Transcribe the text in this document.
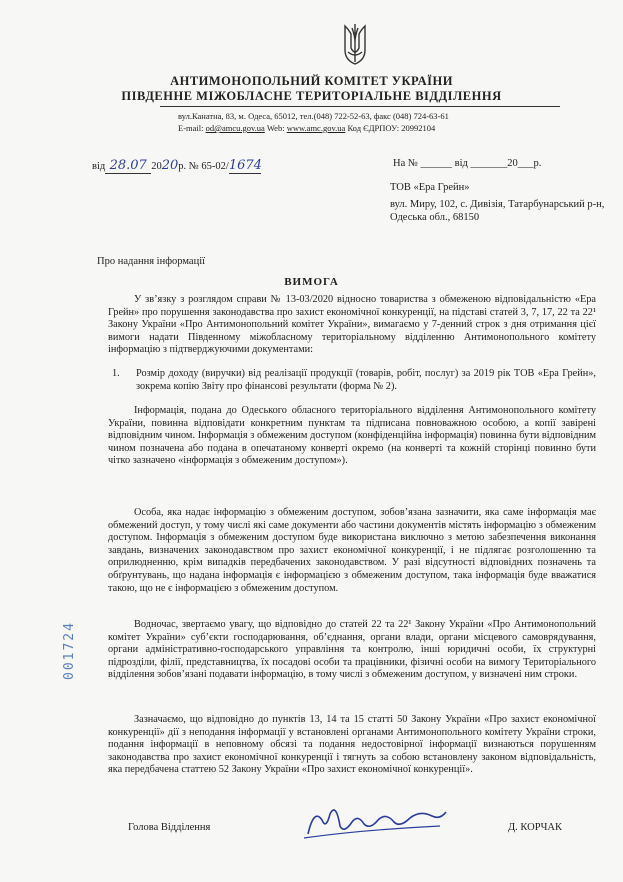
АНТИМОНОПОЛЬНИЙ КОМІТЕТ УКРАЇНИ
ПІВДЕННЕ МІЖОБЛАСНЕ ТЕРИТОРІАЛЬНЕ ВІДДІЛЕННЯ
вул.Канатна, 83, м. Одеса, 65012, тел.(048) 722-52-63, факс (048) 724-63-61
E-mail: od@amcu.gov.ua Web: www.amc.gov.ua Код ЄДРПОУ: 20992104
від 28.07 2020р. № 65-02/1674	На № ______ від _______20___р.
ТОВ «Ера Грейн»
вул. Миру, 102, с. Дивізія, Татарбунарський р-н, Одеська обл., 68150
Про надання інформації
ВИМОГА
У зв’язку з розглядом справи № 13-03/2020 відносно товариства з обмеженою відповідальністю «Ера Грейн» про порушення законодавства про захист економічної конкуренції, на підставі статей 3, 7, 17, 22 та 22¹ Закону України «Про Антимонопольний комітет України», вимагаємо у 7-денний строк з дня отримання цієї вимоги надати Південному міжобласному територіальному відділенню Антимонопольного комітету інформацію з підтверджуючими документами:
1.	Розмір доходу (виручки) від реалізації продукції (товарів, робіт, послуг) за 2019 рік ТОВ «Ера Грейн», зокрема копію Звіту про фінансові результати (форма № 2).
Інформація, подана до Одеського обласного територіального відділення Антимонопольного комітету України, повинна відповідати конкретним пунктам та підписана повноважною особою, а копії завірені відповідним чином. Інформація з обмеженим доступом (конфіденційна інформація) повинна бути відповідним чином позначена або подана в опечатаному конверті окремо (на конверті та кожній сторінці повинно бути чітко зазначено «інформація з обмеженим доступом»).
Особа, яка надає інформацію з обмеженим доступом, зобов’язана зазначити, яка саме інформація має обмежений доступ, у тому числі які саме документи або частини документів містять інформацію з обмеженим доступом. Інформація з обмеженим доступом буде використана виключно з метою забезпечення виконання завдань, визначених законодавством про захист економічної конкуренції, і не підлягає розголошенню та оприлюдненню, крім випадків передбачених законодавством. У разі відсутності відповідних позначень та обґрунтувань, що надана інформація є інформацією з обмеженим доступом, така інформація буде вважатися такою, що не є інформацією з обмеженим доступом.
Водночас, звертаємо увагу, що відповідно до статей 22 та 22¹ Закону України «Про Антимонопольний комітет України» суб’єкти господарювання, об’єднання, органи влади, органи місцевого самоврядування, органи адміністративно-господарського управління та контролю, інші юридичні особи, їх структурні підрозділи, філії, представництва, їх посадові особи та працівники, фізичні особи на вимогу Територіального відділення зобов’язані подавати інформацію, в тому числі з обмеженим доступом, у визначені ним строки.
Зазначаємо, що відповідно до пунктів 13, 14 та 15 статті 50 Закону України «Про захист економічної конкуренції» дії з неподання інформації у встановлені органами Антимонопольного комітету України строки, подання інформації в неповному обсязі та подання недостовірної інформації визнаються порушенням законодавства про захист економічної конкуренції і тягнуть за собою встановлену законом відповідальність, яка передбачена статтею 52 Закону України «Про захист економічної конкуренції».
001724
Голова Відділення	Д. КОРЧАК
